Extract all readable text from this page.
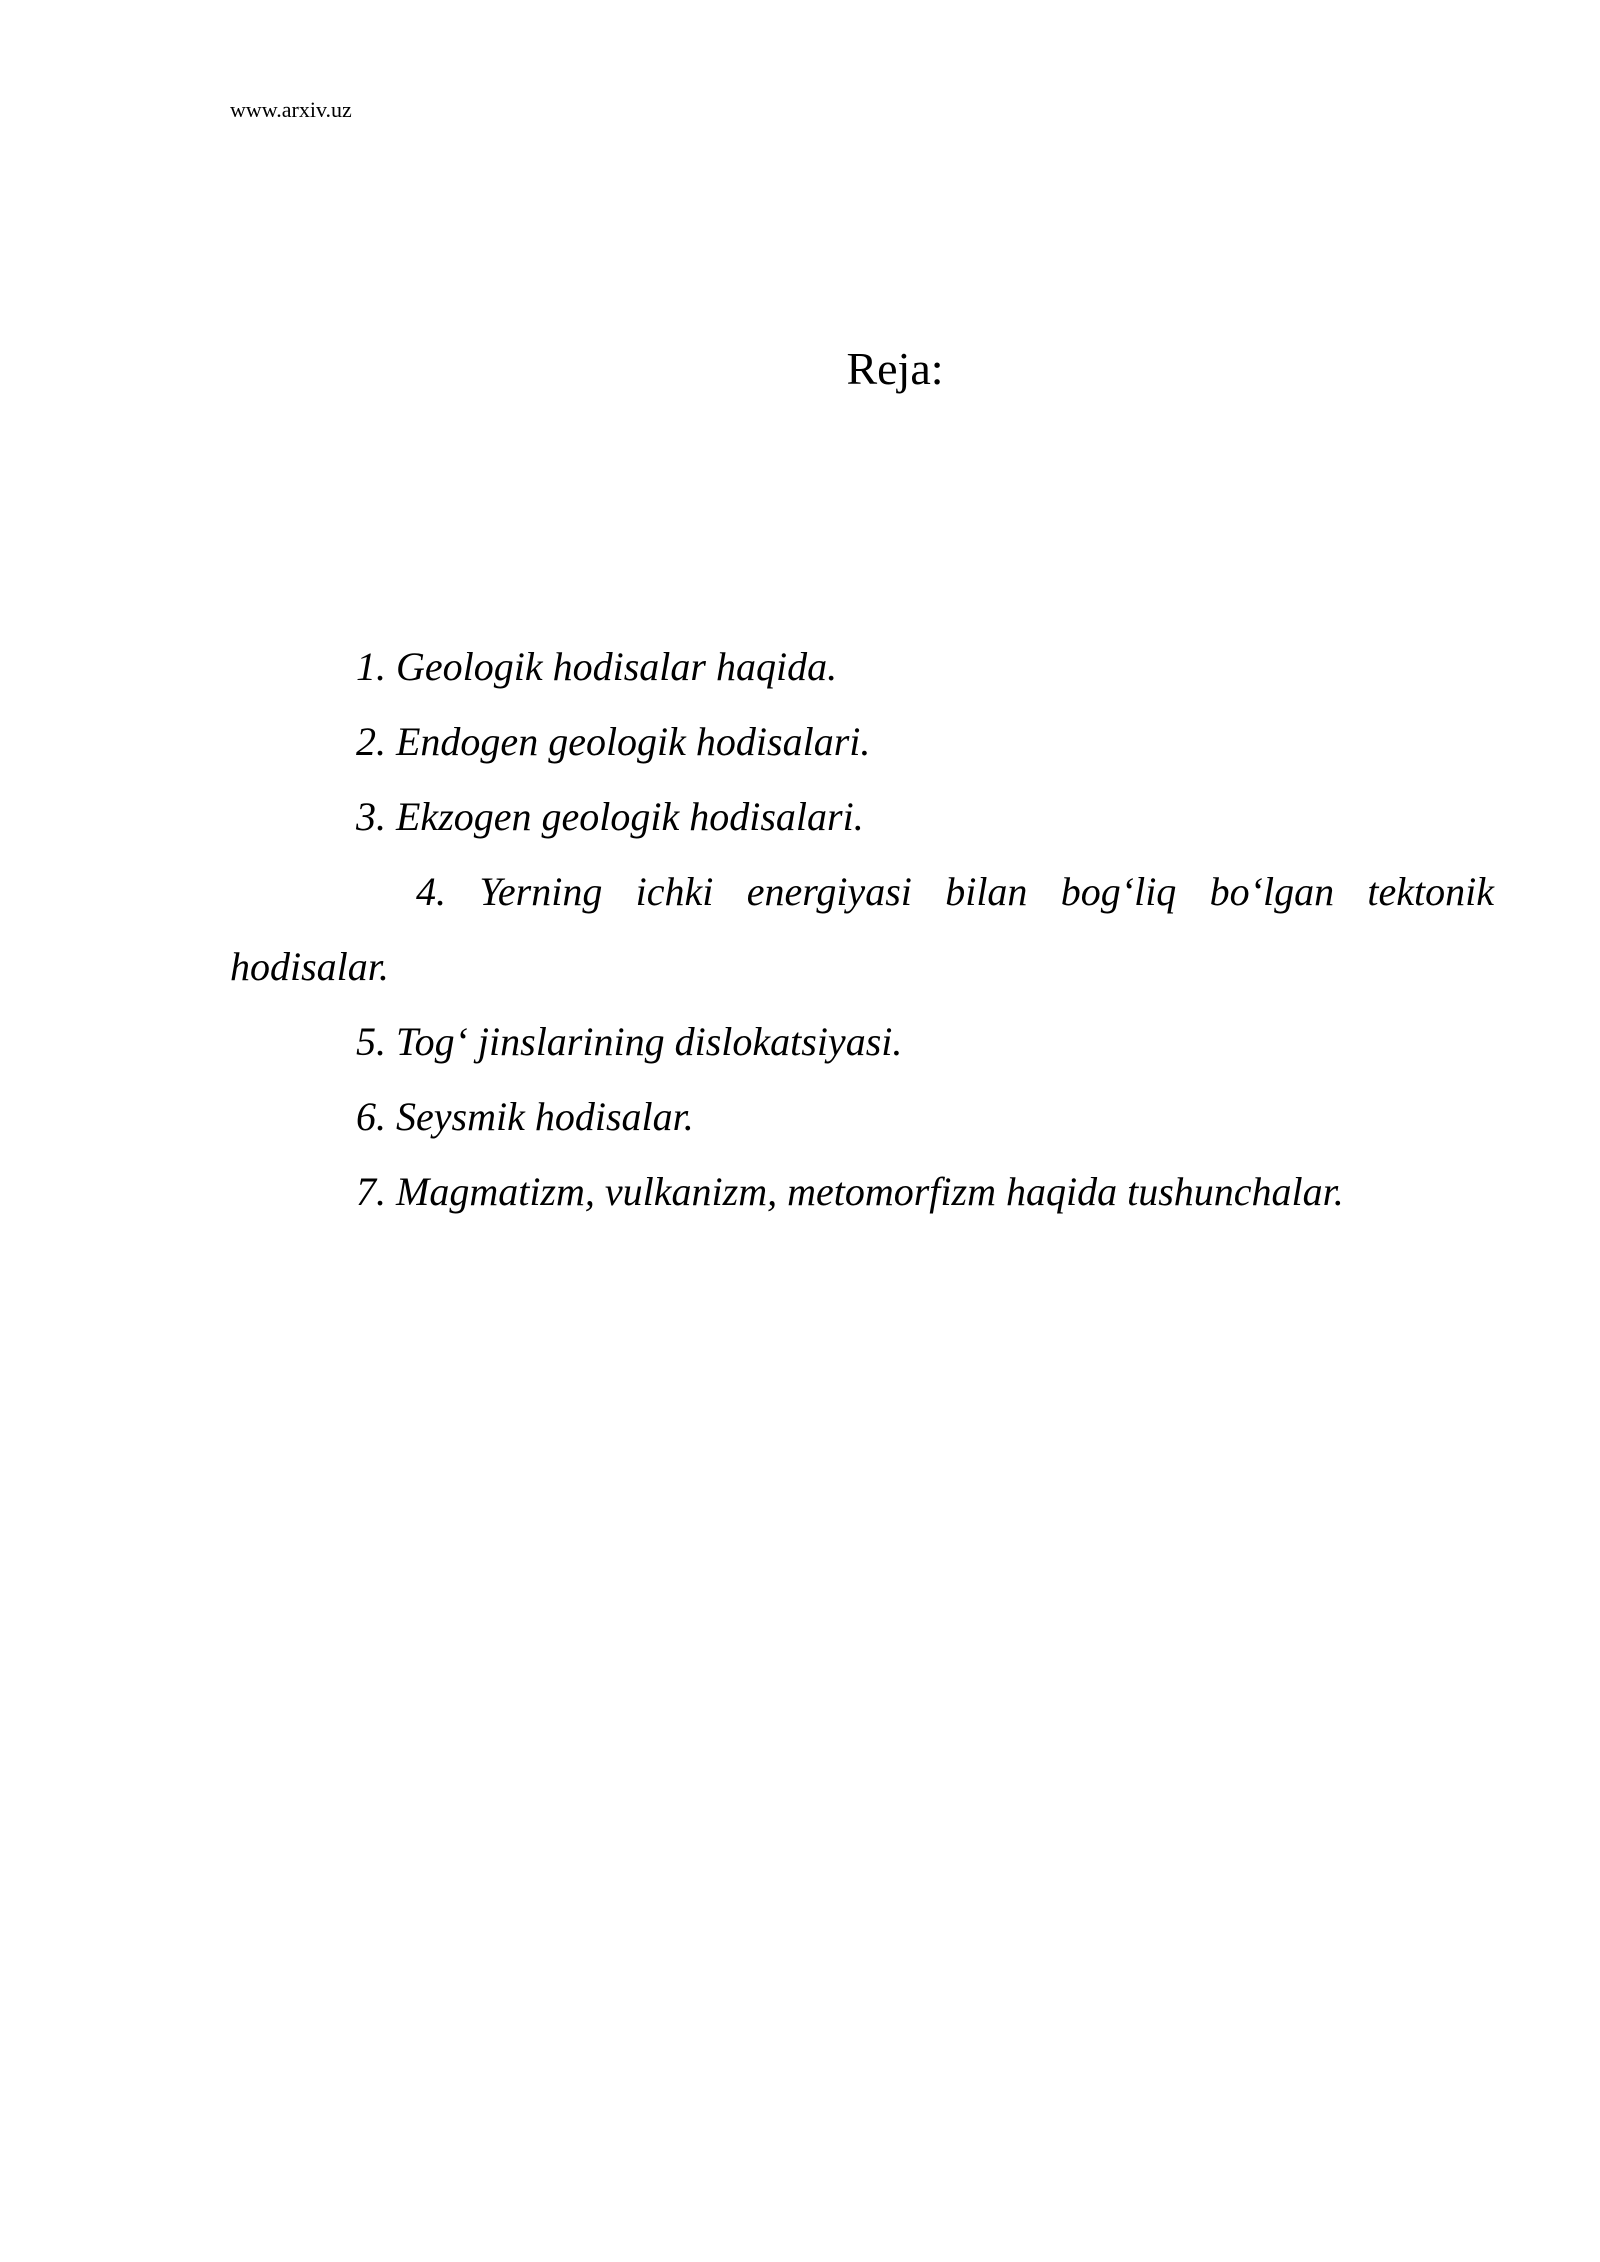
www.arxiv.uz
Reja:
1. Geologik hodisalar haqida.
2. Endogen geologik hodisalari.
3. Ekzogen geologik hodisalari.
4. Yerning ichki energiyasi bilan bog‘liq bo‘lgan tektonik hodisalar.
5. Tog‘ jinslarining dislokatsiyasi.
6. Seysmik hodisalar.
7. Magmatizm, vulkanizm, metomorfizm haqida tushunchalar.
